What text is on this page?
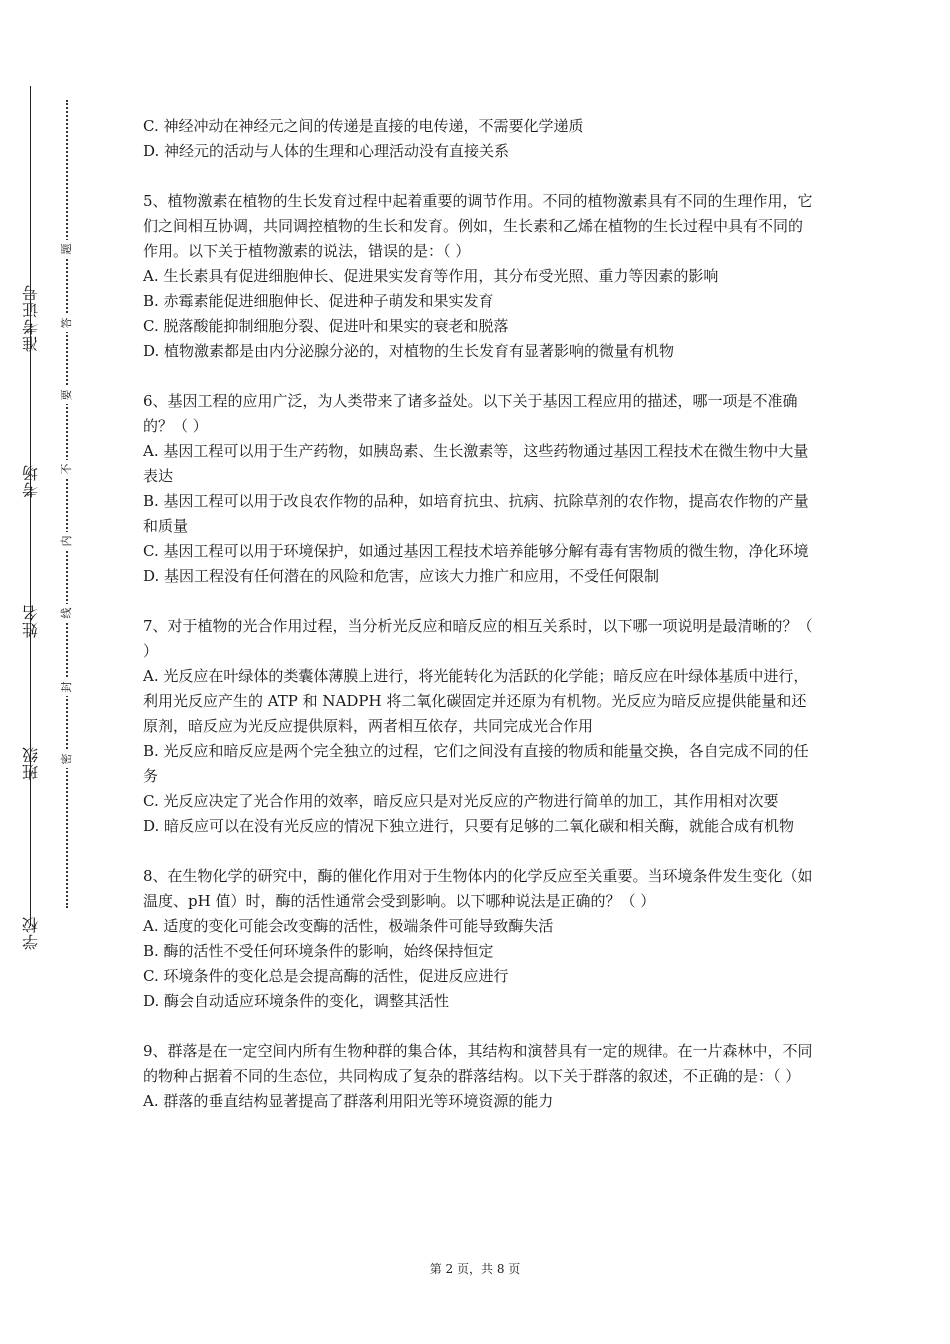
准考证号
考场
姓名
班级
学校
题
答
要
不
内
线
封
密

C. 神经冲动在神经元之间的传递是直接的电传递，不需要化学递质

D. 神经元的活动与人体的生理和心理活动没有直接关系

5、植物激素在植物的生长发育过程中起着重要的调节作用。不同的植物激素具有不同的生理作用，它们之间相互协调，共同调控植物的生长和发育。例如，生长素和乙烯在植物的生长过程中具有不同的作用。以下关于植物激素的说法，错误的是：（ ）

A. 生长素具有促进细胞伸长、促进果实发育等作用，其分布受光照、重力等因素的影响

B. 赤霉素能促进细胞伸长、促进种子萌发和果实发育

C. 脱落酸能抑制细胞分裂、促进叶和果实的衰老和脱落

D. 植物激素都是由内分泌腺分泌的，对植物的生长发育有显著影响的微量有机物

6、基因工程的应用广泛，为人类带来了诸多益处。以下关于基因工程应用的描述，哪一项是不准确的？（ ）

A. 基因工程可以用于生产药物，如胰岛素、生长激素等，这些药物通过基因工程技术在微生物中大量表达

B. 基因工程可以用于改良农作物的品种，如培育抗虫、抗病、抗除草剂的农作物，提高农作物的产量和质量

C. 基因工程可以用于环境保护，如通过基因工程技术培养能够分解有毒有害物质的微生物，净化环境

D. 基因工程没有任何潜在的风险和危害，应该大力推广和应用，不受任何限制

7、对于植物的光合作用过程，当分析光反应和暗反应的相互关系时，以下哪一项说明是最清晰的？（ ）

A. 光反应在叶绿体的类囊体薄膜上进行，将光能转化为活跃的化学能；暗反应在叶绿体基质中进行，利用光反应产生的 ATP 和 NADPH 将二氧化碳固定并还原为有机物。光反应为暗反应提供能量和还原剂，暗反应为光反应提供原料，两者相互依存，共同完成光合作用

B. 光反应和暗反应是两个完全独立的过程，它们之间没有直接的物质和能量交换，各自完成不同的任务

C. 光反应决定了光合作用的效率，暗反应只是对光反应的产物进行简单的加工，其作用相对次要

D. 暗反应可以在没有光反应的情况下独立进行，只要有足够的二氧化碳和相关酶，就能合成有机物

8、在生物化学的研究中，酶的催化作用对于生物体内的化学反应至关重要。当环境条件发生变化（如温度、pH 值）时，酶的活性通常会受到影响。以下哪种说法是正确的？（ ）

A. 适度的变化可能会改变酶的活性，极端条件可能导致酶失活

B. 酶的活性不受任何环境条件的影响，始终保持恒定

C. 环境条件的变化总是会提高酶的活性，促进反应进行

D. 酶会自动适应环境条件的变化，调整其活性

9、群落是在一定空间内所有生物种群的集合体，其结构和演替具有一定的规律。在一片森林中，不同的物种占据着不同的生态位，共同构成了复杂的群落结构。以下关于群落的叙述，不正确的是：（ ）

A. 群落的垂直结构显著提高了群落利用阳光等环境资源的能力

第 2 页，共 8 页
